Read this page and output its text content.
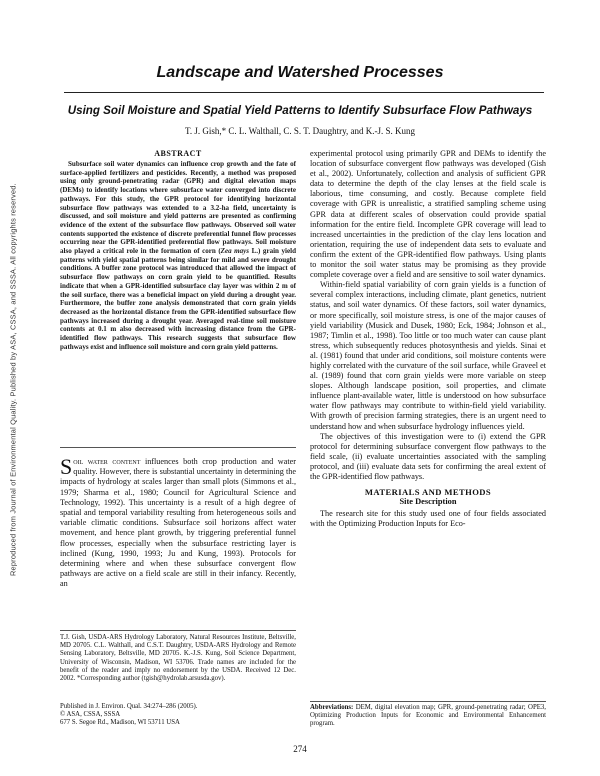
Reproduced from Journal of Environmental Quality. Published by ASA, CSSA, and SSSA. All copyrights reserved.
Landscape and Watershed Processes
Using Soil Moisture and Spatial Yield Patterns to Identify Subsurface Flow Pathways
T. J. Gish,* C. L. Walthall, C. S. T. Daughtry, and K.-J. S. Kung
ABSTRACT
Subsurface soil water dynamics can influence crop growth and the fate of surface-applied fertilizers and pesticides. Recently, a method was proposed using only ground-penetrating radar (GPR) and digital elevation maps (DEMs) to identify locations where subsurface water converged into discrete pathways. For this study, the GPR protocol for identifying horizontal subsurface flow pathways was extended to a 3.2-ha field, uncertainty is discussed, and soil moisture and yield patterns are presented as confirming evidence of the extent of the subsurface flow pathways. Observed soil water contents supported the existence of discrete preferential funnel flow processes occurring near the GPR-identified preferential flow pathways. Soil moisture also played a critical role in the formation of corn (Zea mays L.) grain yield patterns with yield spatial patterns being similar for mild and severe drought conditions. A buffer zone protocol was introduced that allowed the impact of subsurface flow pathways on corn grain yield to be quantified. Results indicate that when a GPR-identified subsurface clay layer was within 2 m of the soil surface, there was a beneficial impact on yield during a drought year. Furthermore, the buffer zone analysis demonstrated that corn grain yields decreased as the horizontal distance from the GPR-identified subsurface flow pathways increased during a drought year. Averaged real-time soil moisture contents at 0.1 m also decreased with increasing distance from the GPR-identified flow pathways. This research suggests that subsurface flow pathways exist and influence soil moisture and corn grain yield patterns.
Soil water content influences both crop production and water quality. However, there is substantial uncertainty in determining the impacts of hydrology at scales larger than small plots (Simmons et al., 1979; Sharma et al., 1980; Council for Agricultural Science and Technology, 1992). This uncertainty is a result of a high degree of spatial and temporal variability resulting from heterogeneous soils and variable climatic conditions. Subsurface soil horizons affect water movement, and hence plant growth, by triggering preferential funnel flow processes, especially when the subsurface restricting layer is inclined (Kung, 1990, 1993; Ju and Kung, 1993). Protocols for determining where and when these subsurface convergent flow pathways are active on a field scale are still in their infancy. Recently, an
T.J. Gish, USDA-ARS Hydrology Laboratory, Natural Resources Institute, Beltsville, MD 20705. C.L. Walthall, and C.S.T. Daughtry, USDA-ARS Hydrology and Remote Sensing Laboratory, Beltsville, MD 20705. K.-J.S. Kung, Soil Science Department, University of Wisconsin, Madison, WI 53706. Trade names are included for the benefit of the reader and imply no endorsement by the USDA. Received 12 Dec. 2002. *Corresponding author (tgish@hydrolab.arsusda.gov).
Published in J. Environ. Qual. 34:274–286 (2005).
© ASA, CSSA, SSSA
677 S. Segoe Rd., Madison, WI 53711 USA

experimental protocol using primarily GPR and DEMs to identify the location of subsurface convergent flow pathways was developed (Gish et al., 2002). Unfortunately, collection and analysis of sufficient GPR data to determine the depth of the clay lenses at the field scale is laborious, time consuming, and costly. Because complete field coverage with GPR is unrealistic, a stratified sampling scheme using GPR data at different scales of observation could provide spatial information for the entire field. Incomplete GPR coverage will lead to increased uncertainties in the prediction of the clay lens location and orientation, requiring the use of independent data sets to evaluate and confirm the extent of the GPR-identified flow pathways. Using plants to monitor the soil water status may be promising as they provide complete coverage over a field and are sensitive to soil water dynamics.

Within-field spatial variability of corn grain yields is a function of several complex interactions, including climate, plant genetics, nutrient status, and soil water dynamics. Of these factors, soil water dynamics, or more specifically, soil moisture stress, is one of the major causes of yield variability (Musick and Dusek, 1980; Eck, 1984; Johnson et al., 1987; Timlin et al., 1998). Too little or too much water can cause plant stress, which subsequently reduces photosynthesis and yields. Sinai et al. (1981) found that under arid conditions, soil moisture contents were highly correlated with the curvature of the soil surface, while Graveel et al. (1989) found that corn grain yields were more variable on steep slopes. Although landscape position, soil properties, and climate influence plant-available water, little is understood on how subsurface water flow pathways may contribute to within-field yield variability. With growth of precision farming strategies, there is an urgent need to understand how and when subsurface hydrology influences yield.

The objectives of this investigation were to (i) extend the GPR protocol for determining subsurface convergent flow pathways to the field scale, (ii) evaluate uncertainties associated with the sampling protocol, and (iii) evaluate data sets for confirming the areal extent of the GPR-identified flow pathways.

MATERIALS AND METHODS
Site Description

The research site for this study used one of four fields associated with the Optimizing Production Inputs for Eco-

Abbreviations: DEM, digital elevation map; GPR, ground-penetrating radar; OPE3, Optimizing Production Inputs for Economic and Environmental Enhancement program.
274
